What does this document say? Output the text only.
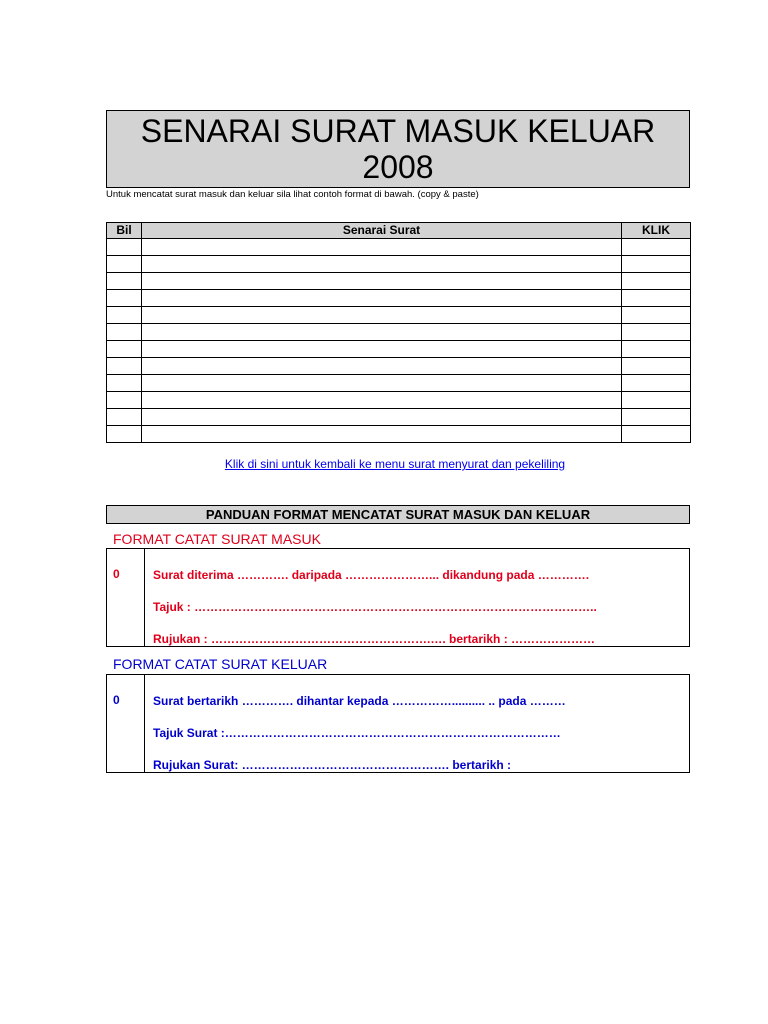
SENARAI SURAT MASUK KELUAR
2008
Untuk mencatat surat masuk dan keluar sila lihat contoh format di bawah. (copy & paste)
Bil	Senarai Surat	KLIK

Klik di sini untuk kembali ke menu surat menyurat dan pekeliling
PANDUAN FORMAT MENCATAT SURAT MASUK DAN KELUAR
FORMAT CATAT SURAT MASUK
0	Surat diterima …………. daripada …………………... dikandung pada ………….
Tajuk : ………………………………………………………………………………………..
Rujukan : ……………………………………………….…. bertarikh : …………………
FORMAT CATAT SURAT KELUAR
0	Surat bertarikh …………. dihantar kepada …………….......... .. pada ………
Tajuk Surat :…………………………………………………………………………
Rujukan Surat: ……………………………………………. bertarikh :
